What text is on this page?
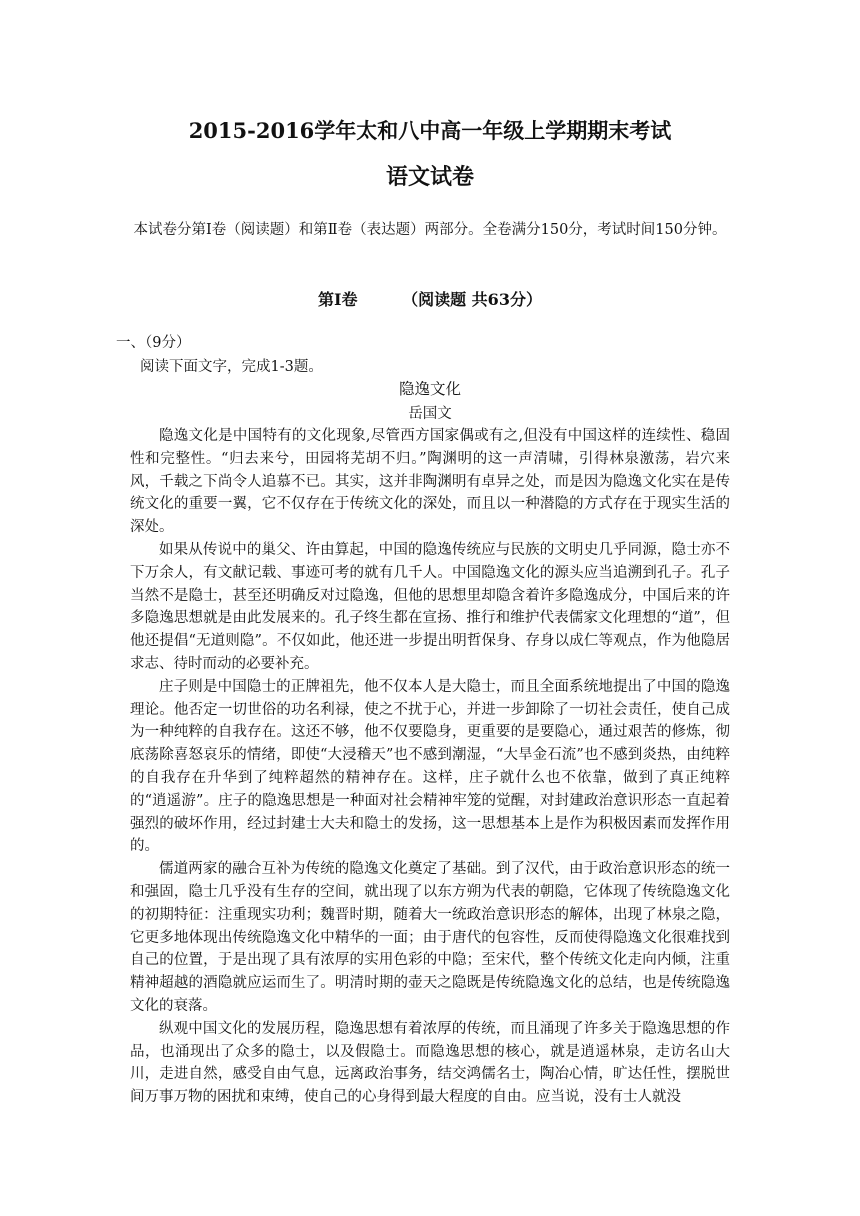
2015-2016学年太和八中高一年级上学期期末考试
语文试卷
本试卷分第Ⅰ卷（阅读题）和第Ⅱ卷（表达题）两部分。全卷满分150分，考试时间150分钟。
第Ⅰ卷	（阅读题 共63分）
一、（9分）
阅读下面文字，完成1-3题。
隐逸文化
岳国文

隐逸文化是中国特有的文化现象,尽管西方国家偶或有之,但没有中国这样的连续性、稳固性和完整性。“归去来兮，田园将芜胡不归。”陶渊明的这一声清啸，引得林泉激荡，岩穴来风，千载之下尚令人追慕不已。其实，这并非陶渊明有卓异之处，而是因为隐逸文化实在是传统文化的重要一翼，它不仅存在于传统文化的深处，而且以一种潜隐的方式存在于现实生活的深处。

如果从传说中的巢父、许由算起，中国的隐逸传统应与民族的文明史几乎同源，隐士亦不下万余人，有文献记载、事迹可考的就有几千人。中国隐逸文化的源头应当追溯到孔子。孔子当然不是隐士，甚至还明确反对过隐逸，但他的思想里却隐含着许多隐逸成分，中国后来的许多隐逸思想就是由此发展来的。孔子终生都在宣扬、推行和维护代表儒家文化理想的“道”，但他还提倡“无道则隐”。不仅如此，他还进一步提出明哲保身、存身以成仁等观点，作为他隐居求志、待时而动的必要补充。

庄子则是中国隐士的正牌祖先，他不仅本人是大隐士，而且全面系统地提出了中国的隐逸理论。他否定一切世俗的功名利禄，使之不扰于心，并进一步卸除了一切社会责任，使自己成为一种纯粹的自我存在。这还不够，他不仅要隐身，更重要的是要隐心，通过艰苦的修炼，彻底荡除喜怒哀乐的情绪，即使“大浸稽天”也不感到潮湿，“大旱金石流”也不感到炎热，由纯粹的自我存在升华到了纯粹超然的精神存在。这样，庄子就什么也不依靠，做到了真正纯粹的“逍遥游”。庄子的隐逸思想是一种面对社会精神牢笼的觉醒，对封建政治意识形态一直起着强烈的破坏作用，经过封建士大夫和隐士的发扬，这一思想基本上是作为积极因素而发挥作用的。

儒道两家的融合互补为传统的隐逸文化奠定了基础。到了汉代，由于政治意识形态的统一和强固，隐士几乎没有生存的空间，就出现了以东方朔为代表的朝隐，它体现了传统隐逸文化的初期特征：注重现实功利；魏晋时期，随着大一统政治意识形态的解体，出现了林泉之隐，它更多地体现出传统隐逸文化中精华的一面；由于唐代的包容性，反而使得隐逸文化很难找到自己的位置，于是出现了具有浓厚的实用色彩的中隐；至宋代，整个传统文化走向内倾，注重精神超越的酒隐就应运而生了。明清时期的壶天之隐既是传统隐逸文化的总结，也是传统隐逸文化的衰落。

纵观中国文化的发展历程，隐逸思想有着浓厚的传统，而且涌现了许多关于隐逸思想的作品，也涌现出了众多的隐士，以及假隐士。而隐逸思想的核心，就是逍遥林泉，走访名山大川，走进自然，感受自由气息，远离政治事务，结交鸿儒名士，陶冶心情，旷达任性，摆脱世间万事万物的困扰和束缚，使自己的心身得到最大程度的自由。应当说，没有士人就没
